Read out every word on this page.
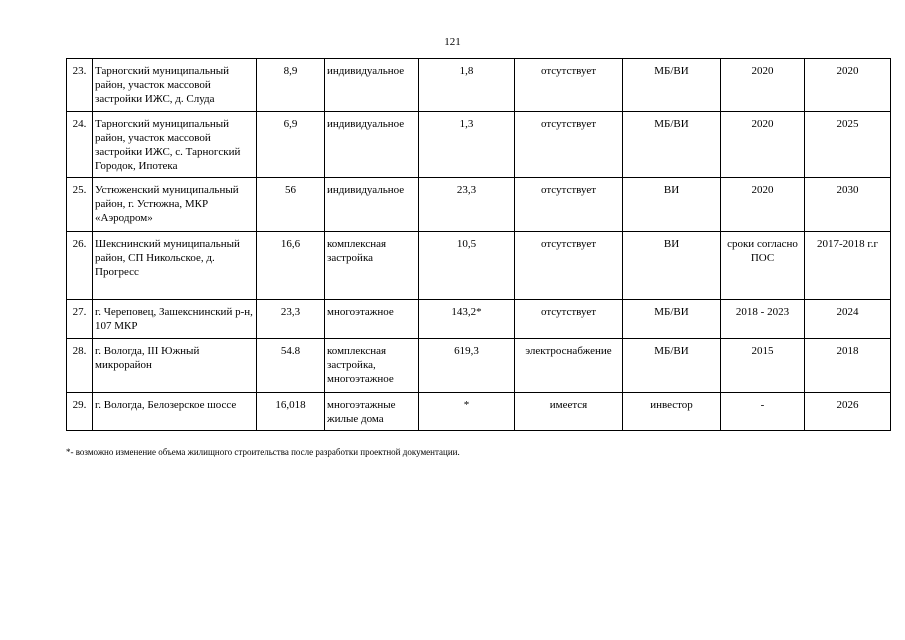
121
23.	Тарногский муниципальный район, участок массовой застройки ИЖС, д. Слуда	8,9	индивидуальное	1,8	отсутствует	МБ/ВИ	2020	2020
24.	Тарногский муниципальный район, участок массовой застройки ИЖС, с. Тарногский Городок, Ипотека	6,9	индивидуальное	1,3	отсутствует	МБ/ВИ	2020	2025
25.	Устюженский муниципальный район, г. Устюжна, МКР «Аэродром»	56	индивидуальное	23,3	отсутствует	ВИ	2020	2030
26.	Шекснинский муниципальный район, СП Никольское, д. Прогресс	16,6	комплексная застройка	10,5	отсутствует	ВИ	сроки согласно ПОС	2017-2018 г.г
27.	г. Череповец, Зашекснинский р-н, 107 МКР	23,3	многоэтажное	143,2*	отсутствует	МБ/ВИ	2018 - 2023	2024
28.	г. Вологда, III Южный микрорайон	54.8	комплексная застройка, многоэтажное	619,3	электроснабжение	МБ/ВИ	2015	2018
29.	г. Вологда, Белозерское шоссе	16,018	многоэтажные жилые дома	*	имеется	инвестор	-	2026
*- возможно изменение объема жилищного строительства после разработки проектной документации.
